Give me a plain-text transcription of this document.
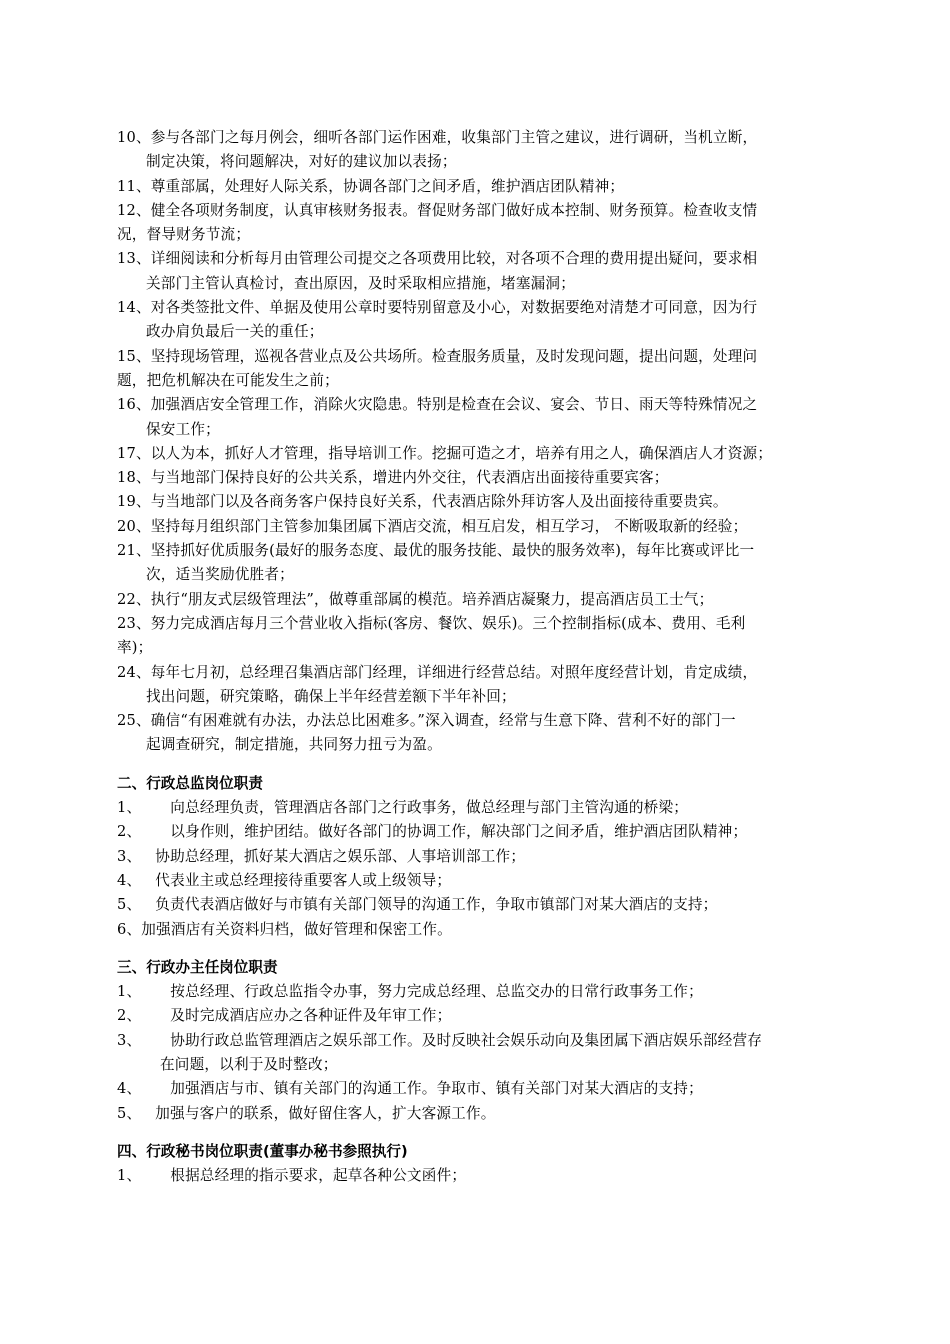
10、参与各部门之每月例会，细听各部门运作困难，收集部门主管之建议，进行调研，当机立断，
制定决策，将问题解决，对好的建议加以表扬；
11、尊重部属，处理好人际关系，协调各部门之间矛盾，维护酒店团队精神；
12、健全各项财务制度，认真审核财务报表。督促财务部门做好成本控制、财务预算。检查收支情
况，督导财务节流；
13、详细阅读和分析每月由管理公司提交之各项费用比较，对各项不合理的费用提出疑问，要求相
关部门主管认真检讨，查出原因，及时采取相应措施，堵塞漏洞；
14、对各类签批文件、单据及使用公章时要特别留意及小心，对数据要绝对清楚才可同意，因为行
政办肩负最后一关的重任；
15、坚持现场管理，巡视各营业点及公共场所。检查服务质量，及时发现问题，提出问题，处理问
题，把危机解决在可能发生之前；
16、加强酒店安全管理工作，消除火灾隐患。特别是检查在会议、宴会、节日、雨天等特殊情况之
保安工作；
17、以人为本，抓好人才管理，指导培训工作。挖掘可造之才，培养有用之人，确保酒店人才资源；
18、与当地部门保持良好的公共关系，增进内外交往，代表酒店出面接待重要宾客；
19、与当地部门以及各商务客户保持良好关系，代表酒店除外拜访客人及出面接待重要贵宾。
20、坚持每月组织部门主管参加集团属下酒店交流，相互启发，相互学习， 不断吸取新的经验；
21、坚持抓好优质服务(最好的服务态度、最优的服务技能、最快的服务效率)，每年比赛或评比一
次，适当奖励优胜者；
22、执行“朋友式层级管理法”，做尊重部属的模范。培养酒店凝聚力，提高酒店员工士气；
23、努力完成酒店每月三个营业收入指标(客房、餐饮、娱乐)。三个控制指标(成本、费用、毛利
率)；
24、每年七月初，总经理召集酒店部门经理，详细进行经营总结。对照年度经营计划，肯定成绩，
找出问题，研究策略，确保上半年经营差额下半年补回；
25、确信“有困难就有办法，办法总比困难多。”深入调查，经常与生意下降、营利不好的部门一
起调查研究，制定措施，共同努力扭亏为盈。
二、行政总监岗位职责
1、 向总经理负责，管理酒店各部门之行政事务，做总经理与部门主管沟通的桥梁；
2、 以身作则，维护团结。做好各部门的协调工作，解决部门之间矛盾，维护酒店团队精神；
3、 协助总经理，抓好某大酒店之娱乐部、人事培训部工作；
4、 代表业主或总经理接待重要客人或上级领导；
5、 负责代表酒店做好与市镇有关部门领导的沟通工作，争取市镇部门对某大酒店的支持；
6、加强酒店有关资料归档，做好管理和保密工作。
三、行政办主任岗位职责
1、 按总经理、行政总监指令办事，努力完成总经理、总监交办的日常行政事务工作；
2、 及时完成酒店应办之各种证件及年审工作；
3、 协助行政总监管理酒店之娱乐部工作。及时反映社会娱乐动向及集团属下酒店娱乐部经营存
在问题，以利于及时整改；
4、 加强酒店与市、镇有关部门的沟通工作。争取市、镇有关部门对某大酒店的支持；
5、 加强与客户的联系，做好留住客人，扩大客源工作。
四、行政秘书岗位职责(董事办秘书参照执行)
1、 根据总经理的指示要求，起草各种公文函件；
